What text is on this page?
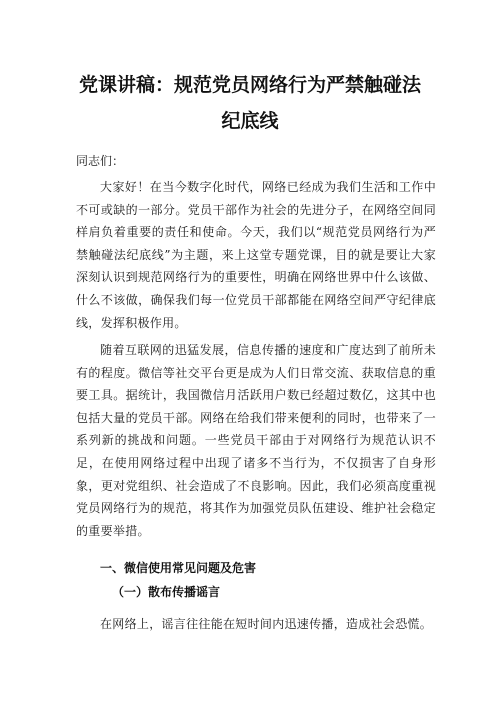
党课讲稿：规范党员网络行为严禁触碰法
纪底线

同志们：

大家好！在当今数字化时代，网络已经成为我们生活和工作中不可或缺的一部分。党员干部作为社会的先进分子，在网络空间同样肩负着重要的责任和使命。今天，我们以“规范党员网络行为严禁触碰法纪底线”为主题，来上这堂专题党课，目的就是要让大家深刻认识到规范网络行为的重要性，明确在网络世界中什么该做、什么不该做，确保我们每一位党员干部都能在网络空间严守纪律底线，发挥积极作用。

随着互联网的迅猛发展，信息传播的速度和广度达到了前所未有的程度。微信等社交平台更是成为人们日常交流、获取信息的重要工具。据统计，我国微信月活跃用户数已经超过数亿，这其中也包括大量的党员干部。网络在给我们带来便利的同时，也带来了一系列新的挑战和问题。一些党员干部由于对网络行为规范认识不足，在使用网络过程中出现了诸多不当行为，不仅损害了自身形象，更对党组织、社会造成了不良影响。因此，我们必须高度重视党员网络行为的规范，将其作为加强党员队伍建设、维护社会稳定的重要举措。

一、微信使用常见问题及危害
（一）散布传播谣言

在网络上，谣言往往能在短时间内迅速传播，造成社会恐慌。
